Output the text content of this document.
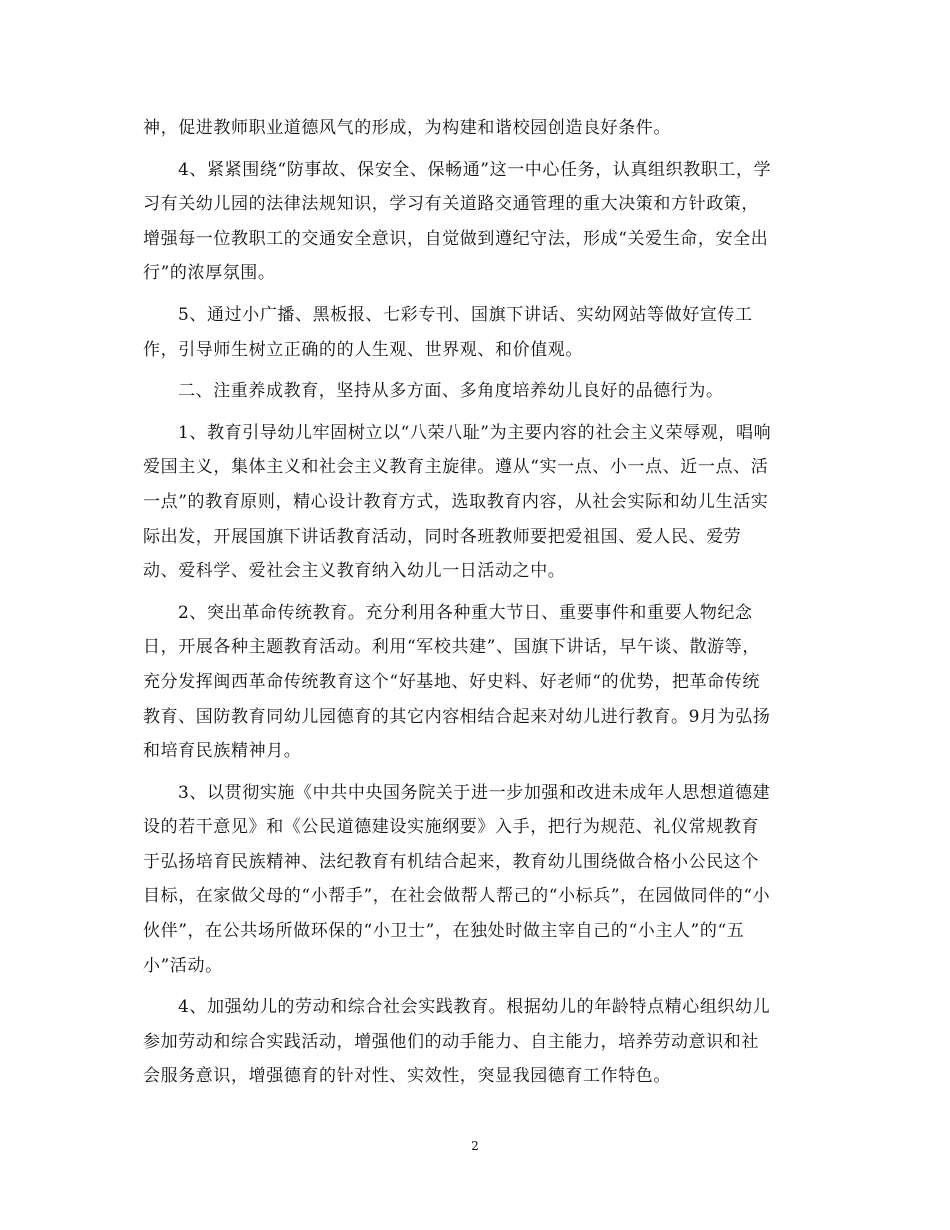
神，促进教师职业道德风气的形成，为构建和谐校园创造良好条件。
4、紧紧围绕“防事故、保安全、保畅通”这一中心任务，认真组织教职工，学
习有关幼儿园的法律法规知识，学习有关道路交通管理的重大决策和方针政策，
增强每一位教职工的交通安全意识，自觉做到遵纪守法，形成“关爱生命，安全出
行”的浓厚氛围。
5、通过小广播、黑板报、七彩专刊、国旗下讲话、实幼网站等做好宣传工
作，引导师生树立正确的的人生观、世界观、和价值观。
二、注重养成教育，坚持从多方面、多角度培养幼儿良好的品德行为。
1、教育引导幼儿牢固树立以“八荣八耻”为主要内容的社会主义荣辱观，唱响
爱国主义，集体主义和社会主义教育主旋律。遵从“实一点、小一点、近一点、活
一点”的教育原则，精心设计教育方式，选取教育内容，从社会实际和幼儿生活实
际出发，开展国旗下讲话教育活动，同时各班教师要把爱祖国、爱人民、爱劳
动、爱科学、爱社会主义教育纳入幼儿一日活动之中。
2、突出革命传统教育。充分利用各种重大节日、重要事件和重要人物纪念
日，开展各种主题教育活动。利用“军校共建”、国旗下讲话，早午谈、散游等，
充分发挥闽西革命传统教育这个“好基地、好史料、好老师“的优势，把革命传统
教育、国防教育同幼儿园德育的其它内容相结合起来对幼儿进行教育。9月为弘扬
和培育民族精神月。
3、以贯彻实施《中共中央国务院关于进一步加强和改进未成年人思想道德建
设的若干意见》和《公民道德建设实施纲要》入手，把行为规范、礼仪常规教育
于弘扬培育民族精神、法纪教育有机结合起来，教育幼儿围绕做合格小公民这个
目标，在家做父母的“小帮手”，在社会做帮人帮己的“小标兵”，在园做同伴的“小
伙伴”，在公共场所做环保的“小卫士”，在独处时做主宰自己的“小主人”的“五
小”活动。
4、加强幼儿的劳动和综合社会实践教育。根据幼儿的年龄特点精心组织幼儿
参加劳动和综合实践活动，增强他们的动手能力、自主能力，培养劳动意识和社
会服务意识，增强德育的针对性、实效性，突显我园德育工作特色。
2
